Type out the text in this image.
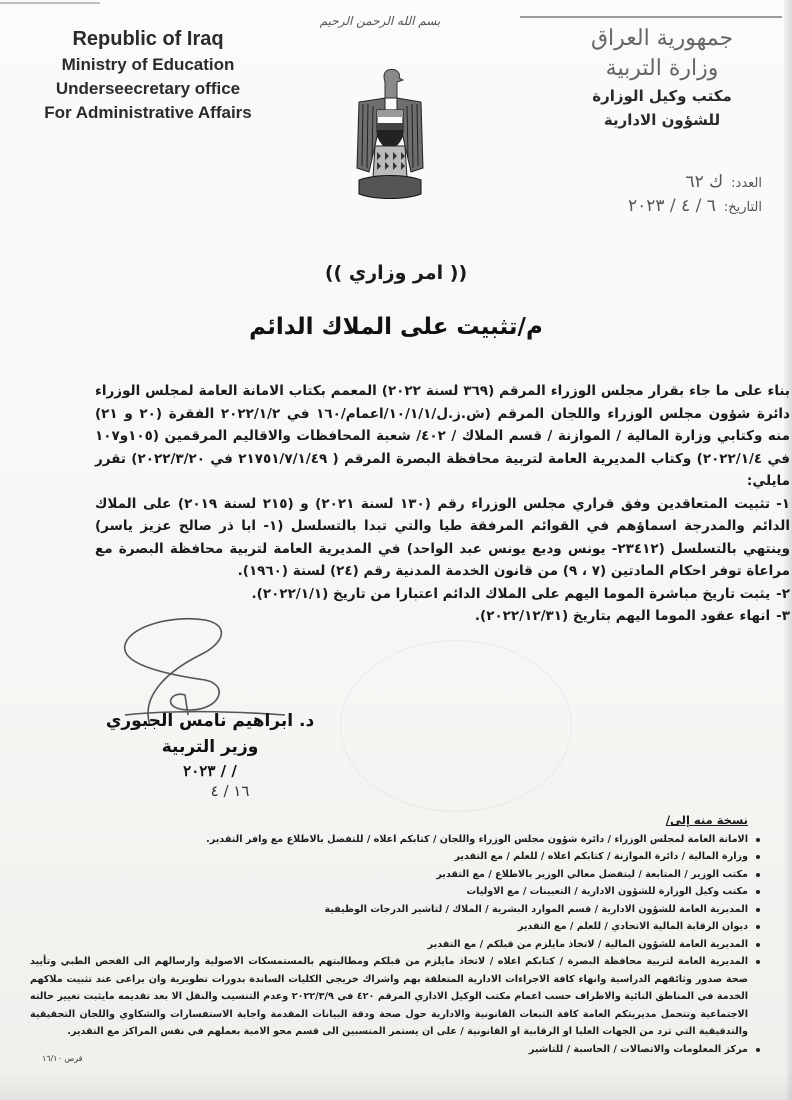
Republic of Iraq
Ministry of Education
Underseecretary office
For Administrative Affairs
بسم الله الرحمن الرحيم
جمهورية العراق
وزارة التربية
مكتب وكيل الوزارة
للشؤون الادارية
العدد:
ك ٦٢
التاريخ:
٦ / ٤ / ٢٠٢٣
(( امر وزاري ))
م/تثبيت على الملاك الدائم

بناء على ما جاء بقرار مجلس الوزراء المرقم (٣٦٩ لسنة ٢٠٢٢) المعمم بكتاب الامانة العامة لمجلس الوزراء دائرة شؤون مجلس الوزراء واللجان المرقم (ش.ز.ل/١٠/١/١/اعمام/١٦٠ في ٢٠٢٢/١/٢ الفقرة (٢٠ و ٢١) منه وكتابي وزارة المالية / الموازنة / قسم الملاك / ٤٠٢/ شعبة المحافظات والاقاليم المرقمين (١٠٥و١٠٧ في ٢٠٢٢/١/٤) وكتاب المديرية العامة لتربية محافظة البصرة المرقم ( ٢١٧٥١/٧/١/٤٩ في ٢٠٢٢/٣/٢٠) تقرر مايلي:

١-تثبيت المتعاقدين وفق قراري مجلس الوزراء رقم (١٣٠ لسنة ٢٠٢١) و (٢١٥ لسنة ٢٠١٩) على الملاك الدائم والمدرجة اسماؤهم في القوائم المرفقة طيا والتي تبدا بالتسلسل (١- ابا ذر صالح عزيز ياسر) وينتهي بالتسلسل (٢٣٤١٢- يونس وديع يونس عبد الواحد) في المديرية العامة لتربية محافظة البصرة مع مراعاة توفر احكام المادتين (٧ ، ٩) من قانون الخدمة المدنية رقم (٢٤) لسنة (١٩٦٠).
٢-يثبت تاريخ مباشرة الموما اليهم على الملاك الدائم اعتبارا من تاريخ (٢٠٢٢/١/١).
٣-انهاء عقود الموما اليهم بتاريخ (٢٠٢٢/١٢/٣١).
د. ابراهيم نامس الجبوري
وزير التربية
/ / ٢٠٢٣
١٦ / ٤
نسخة منه إلى/
الامانة العامة لمجلس الوزراء / دائرة شؤون مجلس الوزراء واللجان / كتابكم اعلاه / للتفضل بالاطلاع مع وافر التقدير.
وزارة المالية / دائرة الموازنة / كتابكم اعلاه / للعلم / مع التقدير
مكتب الوزير / المتابعة / ليتفضل معالي الوزير بالاطلاع / مع التقدير
مكتب وكيل الوزارة للشؤون الادارية / التعيينات / مع الاوليات
المديرية العامة للشؤون الادارية / قسم الموارد البشرية / الملاك / لتاشير الدرجات الوظيفية
ديوان الرقابة المالية الاتحادي / للعلم / مع التقدير
المديرية العامة للشؤون المالية / لاتخاذ مايلزم من قبلكم / مع التقدير
المديرية العامة لتربية محافظة البصرة / كتابكم اعلاه / لاتخاذ مايلزم من قبلكم ومطالبتهم بالمستمسكات الاصولية وارسالهم الى الفحص الطبي وتأييد صحة صدور وثائقهم الدراسية وانهاء كافة الاجراءات الادارية المتعلقة بهم واشراك خريجي الكليات الساندة بدورات تطويرية وان يراعى عند تثبيت ملاكهم الخدمة في المناطق النائية والاطراف حسب اعمام مكتب الوكيل الاداري المرقم ٤٢٠ في ٢٠٢٢/٣/٩ وعدم التنسيب والنقل الا بعد تقديمه مايثبت تغيير حالته الاجتماعية وتتحمل مديريتكم العامة كافة التبعات القانونية والادارية حول صحة ودقة البيانات المقدمة واجابة الاستفسارات والشكاوي واللجان التحقيقية والتدقيقية التي ترد من الجهات العليا او الرقابية او القانونية / على ان يستمر المنسبين الى قسم محو الامية بعملهم في نفس المراكز مع التقدير.
مركز المعلومات والاتصالات / الحاسبة / للتاشير
فرس ١٦/١٠
